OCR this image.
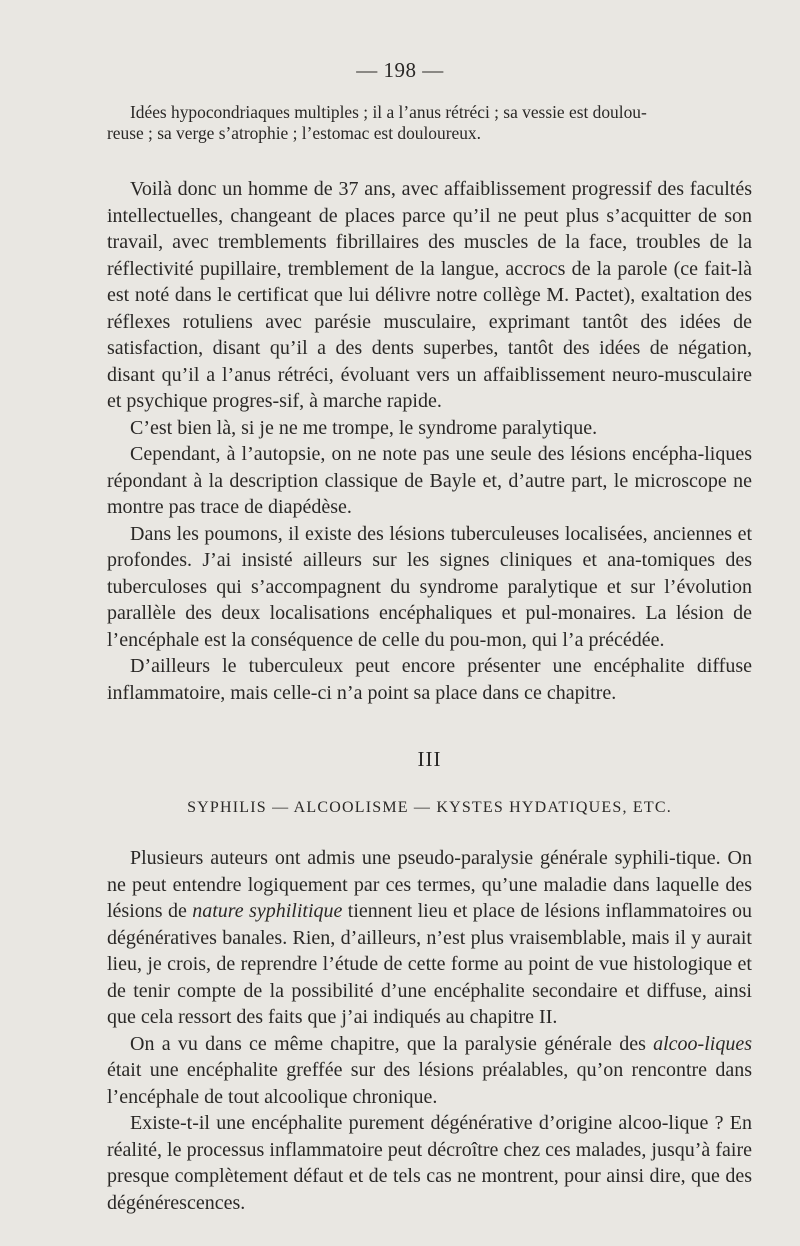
— 198 —

Idées hypocondriaques multiples ; il a l’anus rétréci ; sa vessie est doulou-

reuse ; sa verge s’atrophie ; l’estomac est douloureux.

Voilà donc un homme de 37 ans, avec affaiblissement progressif des facultés intellectuelles, changeant de places parce qu’il ne peut plus s’acquitter de son travail, avec tremblements fibrillaires des muscles de la face, troubles de la réflectivité pupillaire, tremblement de la langue, accrocs de la parole (ce fait-là est noté dans le certificat que lui délivre notre collège M. Pactet), exaltation des réflexes rotuliens avec parésie musculaire, exprimant tantôt des idées de satisfaction, disant qu’il a des dents superbes, tantôt des idées de négation, disant qu’il a l’anus rétréci, évoluant vers un affaiblissement neuro-musculaire et psychique progres-sif, à marche rapide.

C’est bien là, si je ne me trompe, le syndrome paralytique.

Cependant, à l’autopsie, on ne note pas une seule des lésions encépha-liques répondant à la description classique de Bayle et, d’autre part, le microscope ne montre pas trace de diapédèse.

Dans les poumons, il existe des lésions tuberculeuses localisées, anciennes et profondes. J’ai insisté ailleurs sur les signes cliniques et ana-tomiques des tuberculoses qui s’accompagnent du syndrome paralytique et sur l’évolution parallèle des deux localisations encéphaliques et pul-monaires. La lésion de l’encéphale est la conséquence de celle du pou-mon, qui l’a précédée.

D’ailleurs le tuberculeux peut encore présenter une encéphalite diffuse inflammatoire, mais celle-ci n’a point sa place dans ce chapitre.

III
SYPHILIS — ALCOOLISME — KYSTES HYDATIQUES, ETC.

Plusieurs auteurs ont admis une pseudo-paralysie générale syphili-tique. On ne peut entendre logiquement par ces termes, qu’une maladie dans laquelle des lésions de nature syphilitique tiennent lieu et place de lésions inflammatoires ou dégénératives banales. Rien, d’ailleurs, n’est plus vraisemblable, mais il y aurait lieu, je crois, de reprendre l’étude de cette forme au point de vue histologique et de tenir compte de la possibilité d’une encéphalite secondaire et diffuse, ainsi que cela ressort des faits que j’ai indiqués au chapitre II.

On a vu dans ce même chapitre, que la paralysie générale des alcoo-liques était une encéphalite greffée sur des lésions préalables, qu’on rencontre dans l’encéphale de tout alcoolique chronique.

Existe-t-il une encéphalite purement dégénérative d’origine alcoo-lique ? En réalité, le processus inflammatoire peut décroître chez ces malades, jusqu’à faire presque complètement défaut et de tels cas ne montrent, pour ainsi dire, que des dégénérescences.
